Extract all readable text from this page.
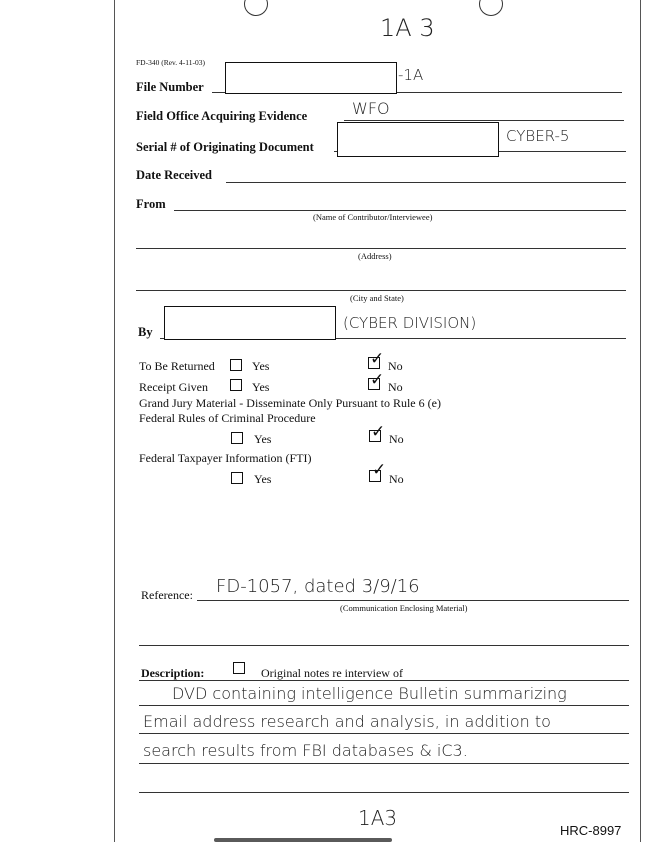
1A 3
FD-340 (Rev. 4-11-03)
File Number
-1A
Field Office Acquiring Evidence	WFO
Serial # of Originating Document
CYBER-5
Date Received
From
(Name of Contributor/Interviewee)
(Address)
(City and State)
By	(CYBER DIVISION)
To Be Returned	Yes	✓ No
Receipt Given	Yes	✓ No
Grand Jury Material - Disseminate Only Pursuant to Rule 6 (e)
Federal Rules of Criminal Procedure
Yes	✓ No
Federal Taxpayer Information (FTI)
Yes	✓ No
Reference: FD-1057, dated 3/9/16
(Communication Enclosing Material)
Description:	Original notes re interview of
DVD containing intelligence Bulletin summarizing
Email address research and analysis, in addition to
search results from FBI databases & iC3.
1A3
HRC-8997
